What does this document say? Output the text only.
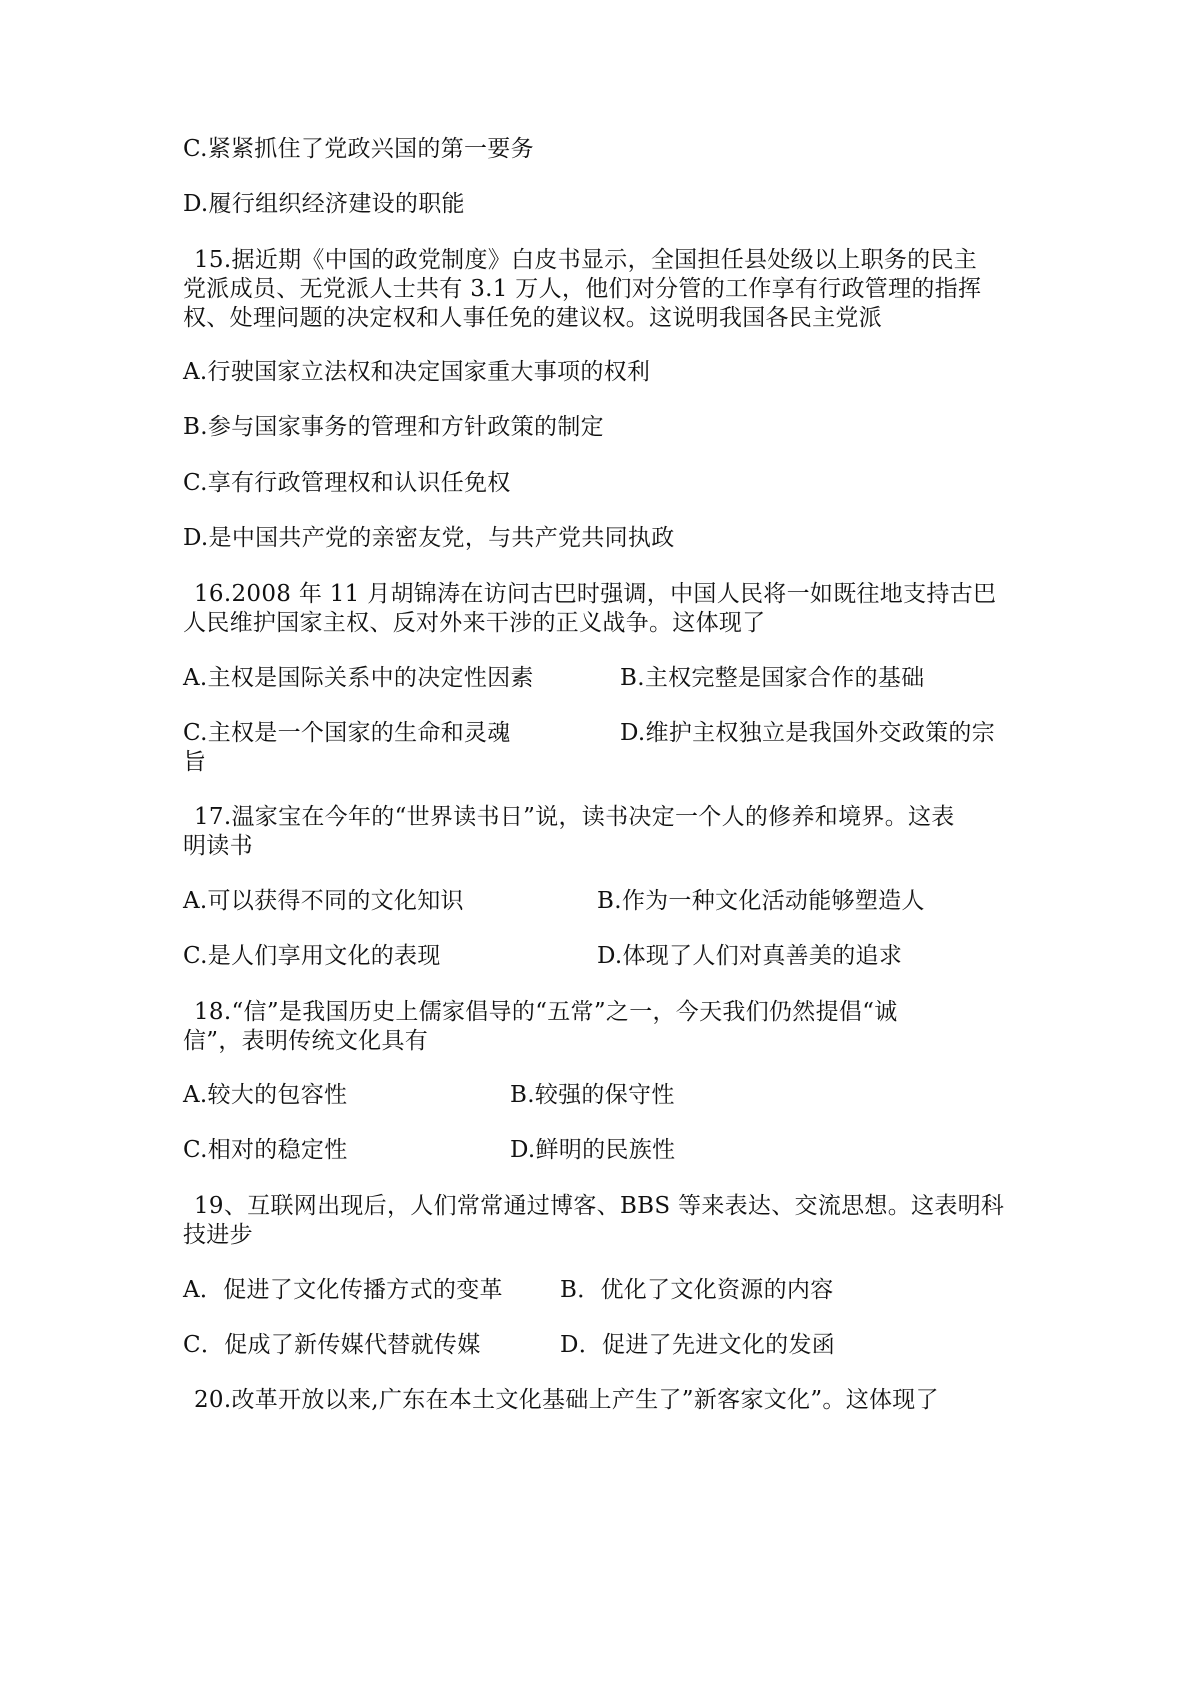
C.紧紧抓住了党政兴国的第一要务
D.履行组织经济建设的职能
15.据近期《中国的政党制度》白皮书显示，全国担任县处级以上职务的民主
党派成员、无党派人士共有 3.1 万人，他们对分管的工作享有行政管理的指挥
权、处理问题的决定权和人事任免的建议权。这说明我国各民主党派
A.行驶国家立法权和决定国家重大事项的权利
B.参与国家事务的管理和方针政策的制定
C.享有行政管理权和认识任免权
D.是中国共产党的亲密友党，与共产党共同执政
16.2008 年 11 月胡锦涛在访问古巴时强调，中国人民将一如既往地支持古巴
人民维护国家主权、反对外来干涉的正义战争。这体现了
A.主权是国际关系中的决定性因素	B.主权完整是国家合作的基础
C.主权是一个国家的生命和灵魂	D.维护主权独立是我国外交政策的宗
旨
17.温家宝在今年的“世界读书日”说，读书决定一个人的修养和境界。这表
明读书
A.可以获得不同的文化知识	B.作为一种文化活动能够塑造人
C.是人们享用文化的表现	D.体现了人们对真善美的追求
18.“信”是我国历史上儒家倡导的“五常”之一，今天我们仍然提倡“诚
信”，表明传统文化具有
A.较大的包容性	B.较强的保守性
C.相对的稳定性	D.鲜明的民族性
19、互联网出现后，人们常常通过博客、BBS 等来表达、交流思想。这表明科
技进步
A．促进了文化传播方式的变革 B．优化了文化资源的内容
C．促成了新传媒代替就传媒	D．促进了先进文化的发函
20.改革开放以来,广东在本土文化基础上产生了”新客家文化”。这体现了
